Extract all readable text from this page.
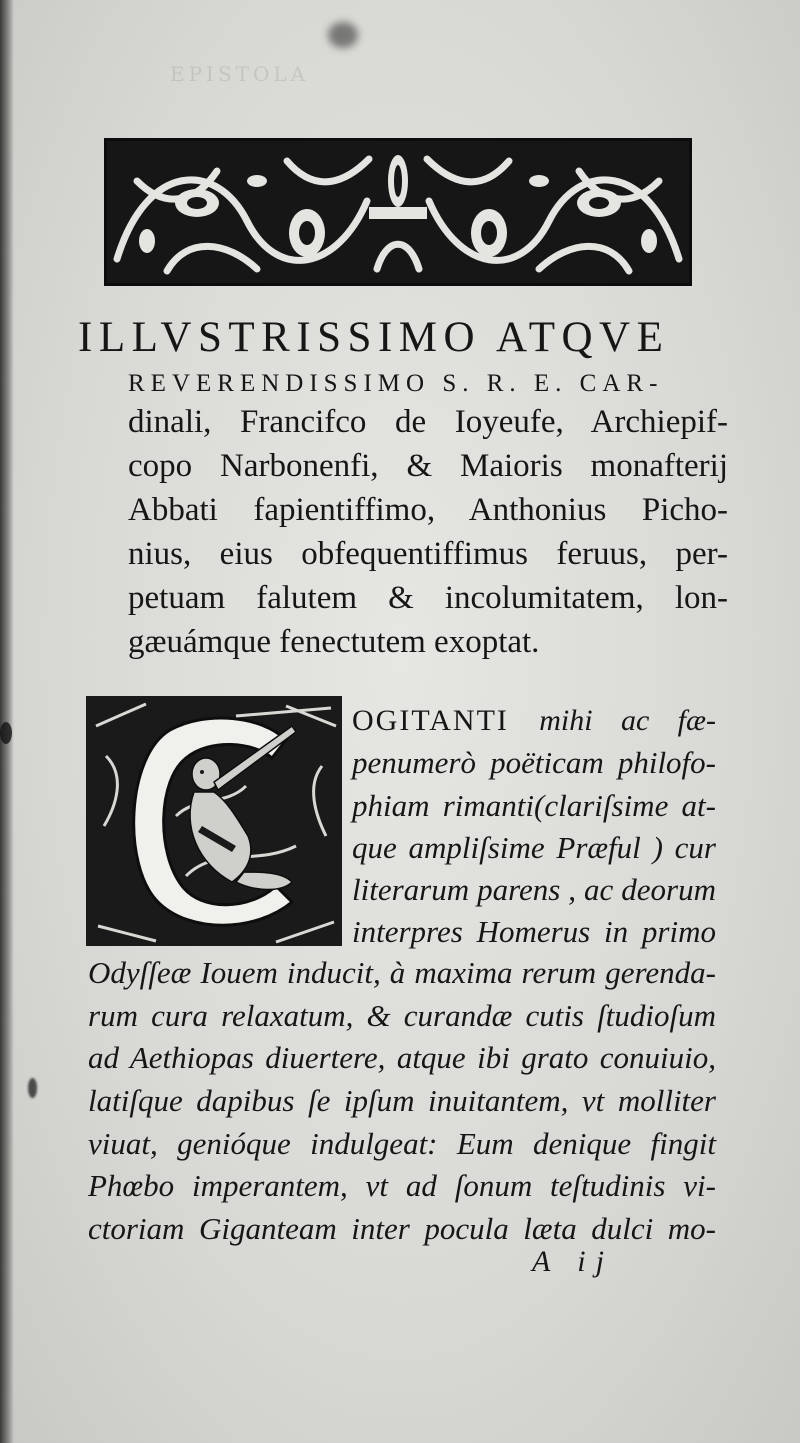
EPISTOLA
ILLVSTRISSIMO ATQVE
REVERENDISSIMO S. R. E. CAR-
dinali, Francifco de Ioyeufe, Archiepif-
copo Narbonenfi, & Maioris monafterij
Abbati fapientiffimo, Anthonius Picho-
nius, eius obfequentiffimus feruus, per-
petuam falutem & incolumitatem, lon-
gæuámque fenectutem exoptat.
OGITANTI mihi ac fæ-
penumerò poëticam philofo-
phiam rimanti(clariſsime at-
que ampliſsime Præful ) cur
literarum parens , ac deorum
interpres Homerus in primo
Odyſſeæ Iouem inducit, à maxima rerum gerenda-
rum cura relaxatum, & curandæ cutis ſtudioſum
ad Aethiopas diuertere, atque ibi grato conuiuio,
latiſque dapibus ſe ipſum inuitantem, vt molliter
viuat, genióque indulgeat: Eum denique fingit
Phœbo imperantem, vt ad ſonum teſtudinis vi-
ctoriam Giganteam inter pocula læta dulci mo-
A ij
